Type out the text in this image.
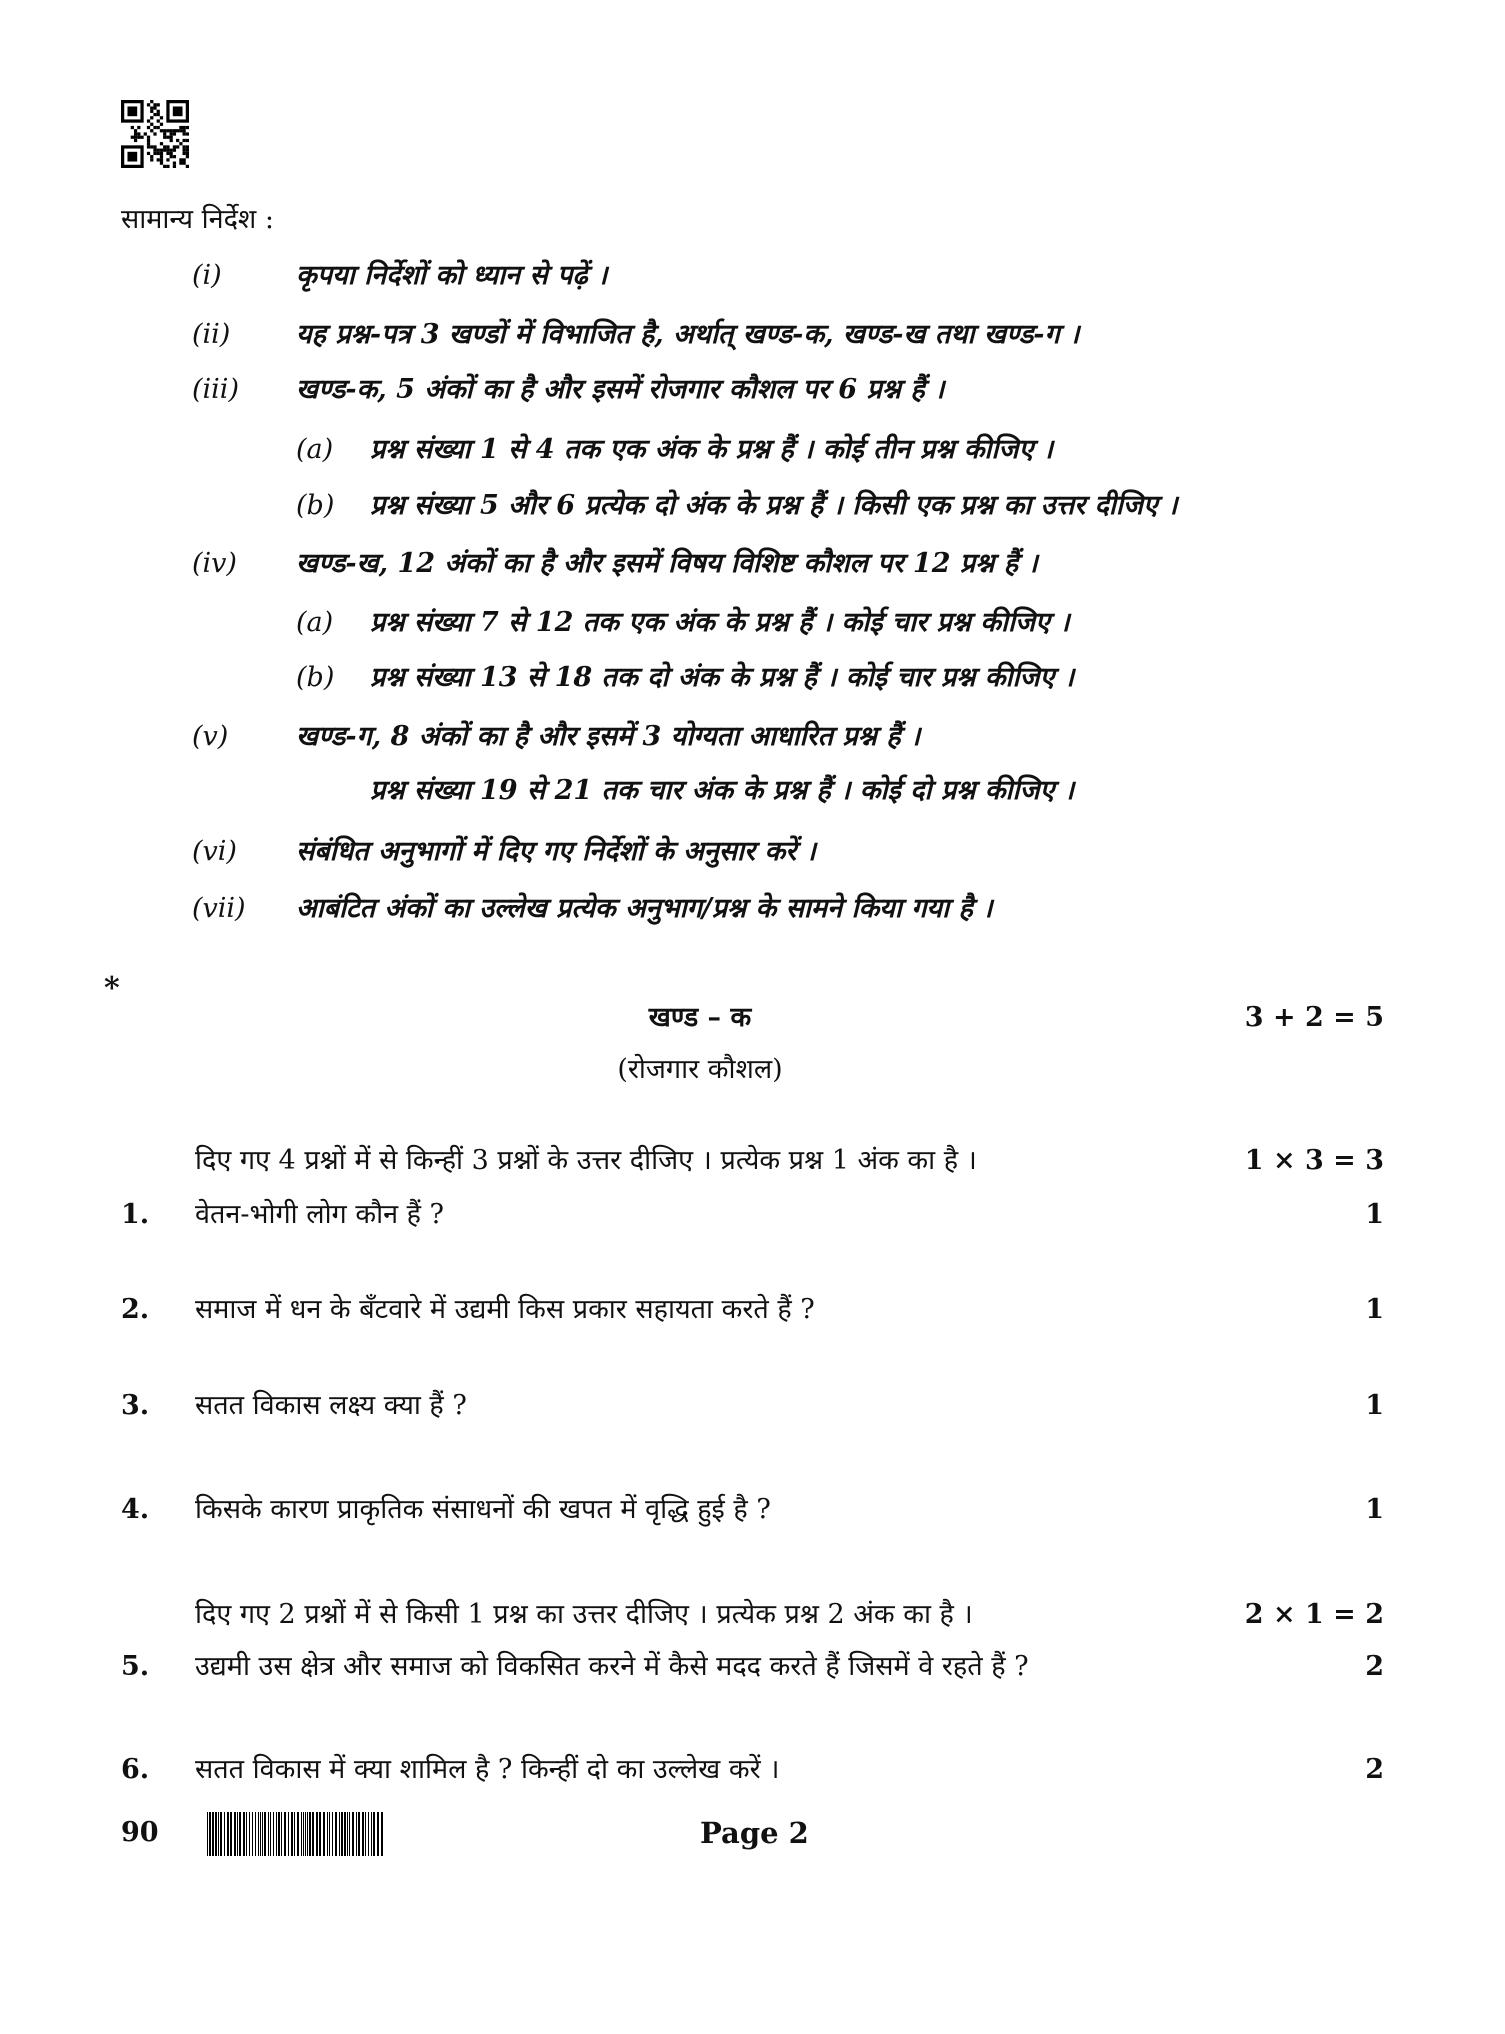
सामान्य निर्देश :
(i)	कृपया निर्देशों को ध्यान से पढ़ें ।
(ii) यह प्रश्न-पत्र 3 खण्डों में विभाजित है, अर्थात् खण्ड-क, खण्ड-ख तथा खण्ड-ग ।
(iii) खण्ड-क, 5 अंकों का है और इसमें रोजगार कौशल पर 6 प्रश्न हैं ।
(a) प्रश्न संख्या 1 से 4 तक एक अंक के प्रश्न हैं । कोई तीन प्रश्न कीजिए ।
(b) प्रश्न संख्या 5 और 6 प्रत्येक दो अंक के प्रश्न हैं । किसी एक प्रश्न का उत्तर दीजिए ।
(iv) खण्ड-ख, 12 अंकों का है और इसमें विषय विशिष्ट कौशल पर 12 प्रश्न हैं ।
(a) प्रश्न संख्या 7 से 12 तक एक अंक के प्रश्न हैं । कोई चार प्रश्न कीजिए ।
(b) प्रश्न संख्या 13 से 18 तक दो अंक के प्रश्न हैं । कोई चार प्रश्न कीजिए ।
(v)	खण्ड-ग, 8 अंकों का है और इसमें 3 योग्यता आधारित प्रश्न हैं ।
प्रश्न संख्या 19 से 21 तक चार अंक के प्रश्न हैं । कोई दो प्रश्न कीजिए ।
(vi) संबंधित अनुभागों में दिए गए निर्देशों के अनुसार करें ।
(vii) आबंटित अंकों का उल्लेख प्रत्येक अनुभाग/प्रश्न के सामने किया गया है ।
*
खण्ड – क	3 + 2 = 5
(रोजगार कौशल)
दिए गए 4 प्रश्नों में से किन्हीं 3 प्रश्नों के उत्तर दीजिए । प्रत्येक प्रश्न 1 अंक का है ।	1 × 3 = 3
1. वेतन-भोगी लोग कौन हैं ?	1
2. समाज में धन के बँटवारे में उद्यमी किस प्रकार सहायता करते हैं ?	1
3. सतत विकास लक्ष्य क्या हैं ?	1
4. किसके कारण प्राकृतिक संसाधनों की खपत में वृद्धि हुई है ?	1
दिए गए 2 प्रश्नों में से किसी 1 प्रश्न का उत्तर दीजिए । प्रत्येक प्रश्न 2 अंक का है ।	2 × 1 = 2
5. उद्यमी उस क्षेत्र और समाज को विकसित करने में कैसे मदद करते हैं जिसमें वे रहते हैं ?	2
6. सतत विकास में क्या शामिल है ? किन्हीं दो का उल्लेख करें ।	2
90	Page 2
